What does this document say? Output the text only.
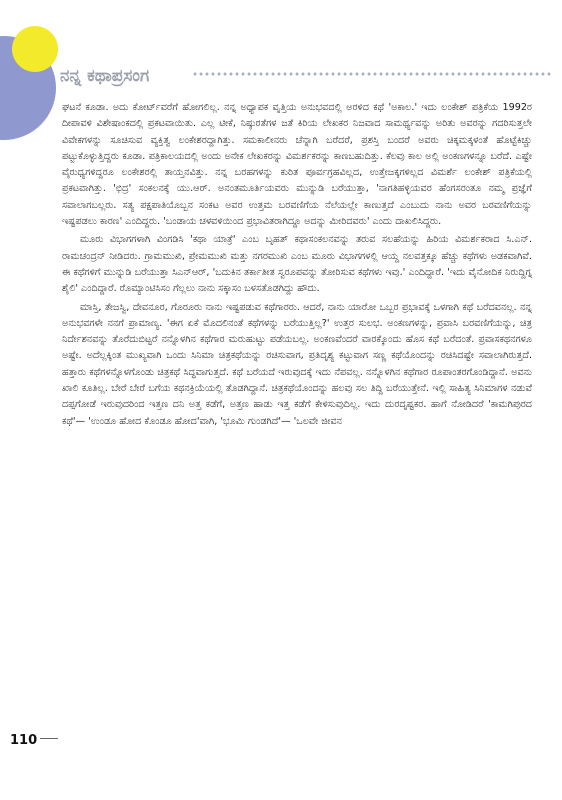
ನನ್ನ ಕಥಾಪ್ರಸಂಗ

ಘಟನೆ ಕೂಡಾ. ಅದು ಕೋರ್ಟ್‌ವರೆಗೆ ಹೋಗಲಿಲ್ಲ. ನನ್ನ ಅಧ್ಯಾಪಕ ವೃತ್ತಿಯ ಅನುಭವದಲ್ಲಿ ಅರಳಿದ ಕಥೆ 'ಅಕಾಲ.' ಇದು ಲಂಕೇಶ್ ಪತ್ರಿಕೆಯ 1992ರ ದೀಪಾವಳಿ ವಿಶೇಷಾಂಕದಲ್ಲಿ ಪ್ರಕಟವಾಯಿತು. ಎಲ್ಲ ಟೀಕೆ, ನಿಷ್ಠುರತೆಗಳ ಜತೆ ಕಿರಿಯ ಲೇಖಕರ ನಿಜವಾದ ಸಾಮರ್ಥ್ಯವನ್ನು ಅರಿತು ಅವರನ್ನು ಗದರಿಸುತ್ತಲೇ ವಿವೇಕಗಳನ್ನು ಸೂಚಿಸುವ ವ್ಯಕ್ತಿತ್ವ ಲಂಕೇಶರದ್ದಾಗಿತ್ತು. ಸಮಕಾಲೀನರು ಚೆನ್ನಾಗಿ ಬರೆದರೆ, ಪ್ರಶಸ್ತಿ ಬಂದರೆ ಅವರು ಚಿಕ್ಕಮಕ್ಕಳಂತೆ ಹೊಟ್ಟೆಕಿಚ್ಚು ಪಟ್ಟುಕೊಳ್ಳುತ್ತಿದ್ದರು ಕೂಡಾ. ಪತ್ರಿಕಾಲಯದಲ್ಲಿ ಅಂದು ಅನೇಕ ಲೇಖಕರನ್ನು ವಿಮರ್ಶಕರನ್ನು ಕಾಣಬಹುದಿತ್ತು. ಕೆಲವು ಕಾಲ ಅಲ್ಲಿ ಅಂಕಣಗಳನ್ನೂ ಬರೆದೆ. ಎಷ್ಟೇ ವೈರುಧ್ಯಗಳಿದ್ದರೂ ಲಂಕೇಶರಲ್ಲಿ ತಾಯ್ತನವಿತ್ತು. ನನ್ನ ಬರಹಗಳನ್ನು ಕುರಿತ ಪೂರ್ವಗ್ರಹವಿಲ್ಲದ, ಉತ್ತೇಜಕ್ಕಗಳಿಲ್ಲದ ವಿಮರ್ಶೆ ಲಂಕೇಶ್ ಪತ್ರಿಕೆಯಲ್ಲಿ ಪ್ರಕಟವಾಗಿತ್ತು. 'ಛಿದ್ರ' ಸಂಕಲನಕ್ಕೆ ಯು.ಆರ್. ಅನಂತಮೂರ್ತಿಯವರು ಮುನ್ನುಡಿ ಬರೆಯುತ್ತಾ, 'ನಾಗತಿಹಳ್ಳಿಯವರ ಹೆಂಗಸರಂತೂ ನಮ್ಮ ಪ್ರಜ್ಞೆಗೆ ಸವಾಲಾಗಬಲ್ಲರು. ಸತ್ಯ ಪಕ್ಷಪಾತಿಯೊಬ್ಬನ ಸಂಕಟ ಅವರ ಉತ್ತಮ ಬರವಣಿಗೆಯ ನೆಲೆಯಲ್ಲೇ ಕಾಣುತ್ತದೆ ಎಂಬುದು ನಾನು ಅವರ ಬರವಣಿಗೆಯನ್ನು ಇಷ್ಟಪಡಲು ಕಾರಣ' ಎಂದಿದ್ದರು. 'ಬಂಡಾಯ ಚಳವಳಿಯಿಂದ ಪ್ರಭಾವಿತರಾಗಿದ್ದೂ ಅದನ್ನು ಮೀರಿದವರು' ಎಂದು ದಾಖಲಿಸಿದ್ದರು.

ಮೂರು ವಿಭಾಗಗಳಾಗಿ ವಿಂಗಡಿಸಿ 'ಕಥಾ ಯಾತ್ರೆ' ಎಂಬ ಬೃಹತ್ ಕಥಾಸಂಕಲನವನ್ನು ತರುವ ಸಲಹೆಯನ್ನು ಹಿರಿಯ ವಿಮರ್ಶಕರಾದ ಸಿ.ಎನ್. ರಾಮಚಂದ್ರನ್ ನೀಡಿದರು. ಗ್ರಾಮಮುಖಿ, ಪ್ರೇಮಮುಖಿ ಮತ್ತು ನಗರಮುಖಿ ಎಂಬ ಮೂರು ವಿಭಾಗಗಳಲ್ಲಿ ಆಯ್ದ ನಲವತ್ತಕ್ಕೂ ಹೆಚ್ಚು ಕಥೆಗಳು ಅಡಕವಾಗಿವೆ. ಈ ಕಥೆಗಳಿಗೆ ಮುನ್ನುಡಿ ಬರೆಯುತ್ತಾ ಸಿಎನ್‌ಆರ್, 'ಬದುಕಿನ ತರ್ಕಾತೀತ ಸ್ವರೂಪವನ್ನು ತೋರಿಸುವ ಕಥೆಗಳು ಇವು.' ಎಂದಿದ್ದಾರೆ. 'ಇದು ವೈನೋದಿಕ ನಿರುದ್ದಿಗ್ನ ಶೈಲಿ' ಎಂದಿದ್ದಾರೆ. ರೊಮ್ಯಾಂಟಿಸಿಸಂ ಗೆಲ್ಲಲು ನಾನು ಸಕ್ಕಾಸಂ ಬಳಸತೊಡಗಿದ್ದು ಹೌದು.

ಮಾಸ್ತಿ, ತೇಜಸ್ವಿ, ದೇವನೂರ, ಗೊರೂರು ನಾನು ಇಷ್ಟಪಡುವ ಕಥೆಗಾರರು. ಆದರೆ, ನಾನು ಯಾರೋ ಒಬ್ಬರ ಪ್ರಭಾವಕ್ಕೆ ಒಳಗಾಗಿ ಕಥೆ ಬರೆದವನಲ್ಲ. ನನ್ನ ಅನುಭವಗಳೇ ನನಗೆ ಪ್ರಾಮಾಣ್ಯ. 'ಈಗ ಏಕೆ ಮೊದಲಿನಂತೆ ಕಥೆಗಳನ್ನು ಬರೆಯುತ್ತಿಲ್ಲ?' ಉತ್ತರ ಸುಲಭ. ಅಂಕಣಗಳನ್ನು, ಪ್ರವಾಸಿ ಬರವಣಿಗೆಯನ್ನು, ಚಿತ್ರ ನಿರ್ದೇಶನವನ್ನು ತೊರೆದುಬಿಟ್ಟರೆ ನನ್ನೊಳಗಿನ ಕಥೆಗಾರ ಮರುಹುಟ್ಟು ಪಡೆಯಬಲ್ಲ. ಅಂಕಣವೆಂದರೆ ವಾರಕ್ಕೊಂದು ಹೊಸ ಕಥೆ ಬರೆದಂತೆ. ಪ್ರವಾಸಕಥನಗಳೂ ಅಷ್ಟೇ. ಅದೆಲ್ಲಕ್ಕಿಂತ ಮುಖ್ಯವಾಗಿ ಒಂದು ಸಿನಿಮಾ ಚಿತ್ರಕಥೆಯನ್ನು ರಚಿಸುವಾಗ, ಪ್ರತಿದೃಶ್ಯ ಕಟ್ಟುವಾಗ ಸಣ್ಣ ಕಥೆಯೊಂದನ್ನು ರಚಿಸಿದಷ್ಟೇ ಸವಾಲಾಗಿರುತ್ತದೆ. ಹತ್ತಾರು ಕಥೆಗಳನ್ನೊಳಗೊಂಡು ಚಿತ್ರಕಥೆ ಸಿದ್ಧವಾಗುತ್ತದೆ. ಕಥೆ ಬರೆಯದೆ ಇರುವುದಕ್ಕೆ ಇದು ನೆಪವಲ್ಲ. ನನ್ನೊಳಗಿನ ಕಥೆಗಾರ ರೂಪಾಂತರಗೊಂಡಿದ್ದಾನೆ. ಅವನು ಖಾಲಿ ಕೂತಿಲ್ಲ. ಬೇರೆ ಬೇರೆ ಬಗೆಯ ಕಥನಕ್ರಿಯೆಯಲ್ಲಿ ತೊಡಗಿದ್ದಾನೆ. ಚಿತ್ರಕಥೆಯೊಂದನ್ನು ಹಲವು ಸಲ ತಿದ್ದಿ ಬರೆಯುತ್ತೇನೆ. ಇಲ್ಲಿ ಸಾಹಿತ್ಯ ಸಿನಿಮಾಗಳ ನಡುವೆ ದಪ್ಪಗೋಡೆ ಇರುವುದರಿಂದ ಇತ್ತಣ ದನಿ ಅತ್ತ ಕಡೆಗೆ, ಅತ್ತಣ ಹಾಡು ಇತ್ತ ಕಡೆಗೆ ಕೇಳಿಸುವುದಿಲ್ಲ. ಇದು ದುರದೃಷ್ಟಕರ. ಹಾಗೆ ನೋಡಿದರೆ 'ಕಾಮಗಿಪುರದ ಕಥೆ'— 'ಉಂಡೂ ಹೋದ ಕೊಂಡೂ ಹೋದ'ವಾಗಿ, 'ಭೂಮಿ ಗುಂಡಗಿದೆ'— 'ಒಲವೇ ಜೀವನ

110
